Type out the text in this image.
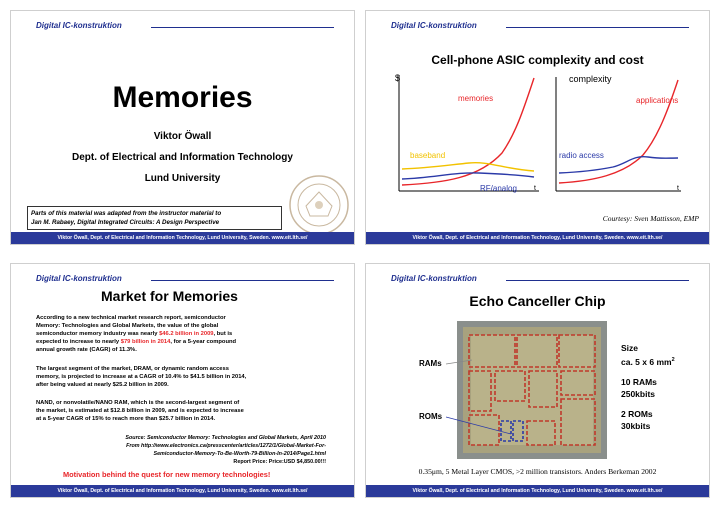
Digital IC-konstruktion
Memories
Viktor Öwall
Dept. of Electrical and Information Technology
Lund University
Parts of this material was adapted from the instructor material to
Jan M. Rabaey, Digital Integrated Circuits: A Design Perspective
Viktor Öwall, Dept. of Electrical and Information Technology, Lund University, Sweden. www.eit.lth.se/
Digital IC-konstruktion
Cell-phone ASIC complexity and cost
$
t
memories
baseband
RF/analog
complexity
applications
radio access
t
Courtesy: Sven Mattisson, EMP
Viktor Öwall, Dept. of Electrical and Information Technology, Lund University, Sweden. www.eit.lth.se/
Digital IC-konstruktion
Market for Memories
According to a new technical market research report, semiconductor
Memory: Technologies and Global Markets, the value of the global
semiconductor memory industry was nearly $46.2 billion in 2009, but is
expected to increase to nearly $79 billion in 2014, for a 5-year compound
annual growth rate (CAGR) of 11.3%.
The largest segment of the market, DRAM, or dynamic random access
memory, is projected to increase at a CAGR of 10.4% to $41.5 billion in 2014,
after being valued at nearly $25.2 billion in 2009.
NAND, or nonvolatile/NANO RAM, which is the second-largest segment of
the market, is estimated at $12.8 billion in 2009, and is expected to increase
at a 5-year CAGR of 15% to reach more than $25.7 billion in 2014.
Source: Semiconductor Memory: Technologies and Global Markets, April 2010
From http://www.electronics.ca/presscenter/articles/1272/1/Global-Market-For-
Semiconductor-Memory-To-Be-Worth-79-Billion-In-2014/Page1.html
Report Price: Price:USD $4,850.00!!!
Motivation behind the quest for new memory technologies!
Viktor Öwall, Dept. of Electrical and Information Technology, Lund University, Sweden. www.eit.lth.se/
Digital IC-konstruktion
Echo Canceller Chip
RAMs
ROMs
Size
ca. 5 x 6 $mm^2$
10 RAMs
250kbits
2 ROMs
30kbits
0.35μm, 5 Metal Layer CMOS, >2 million transistors. Anders Berkeman 2002
Viktor Öwall, Dept. of Electrical and Information Technology, Lund University, Sweden. www.eit.lth.se/
